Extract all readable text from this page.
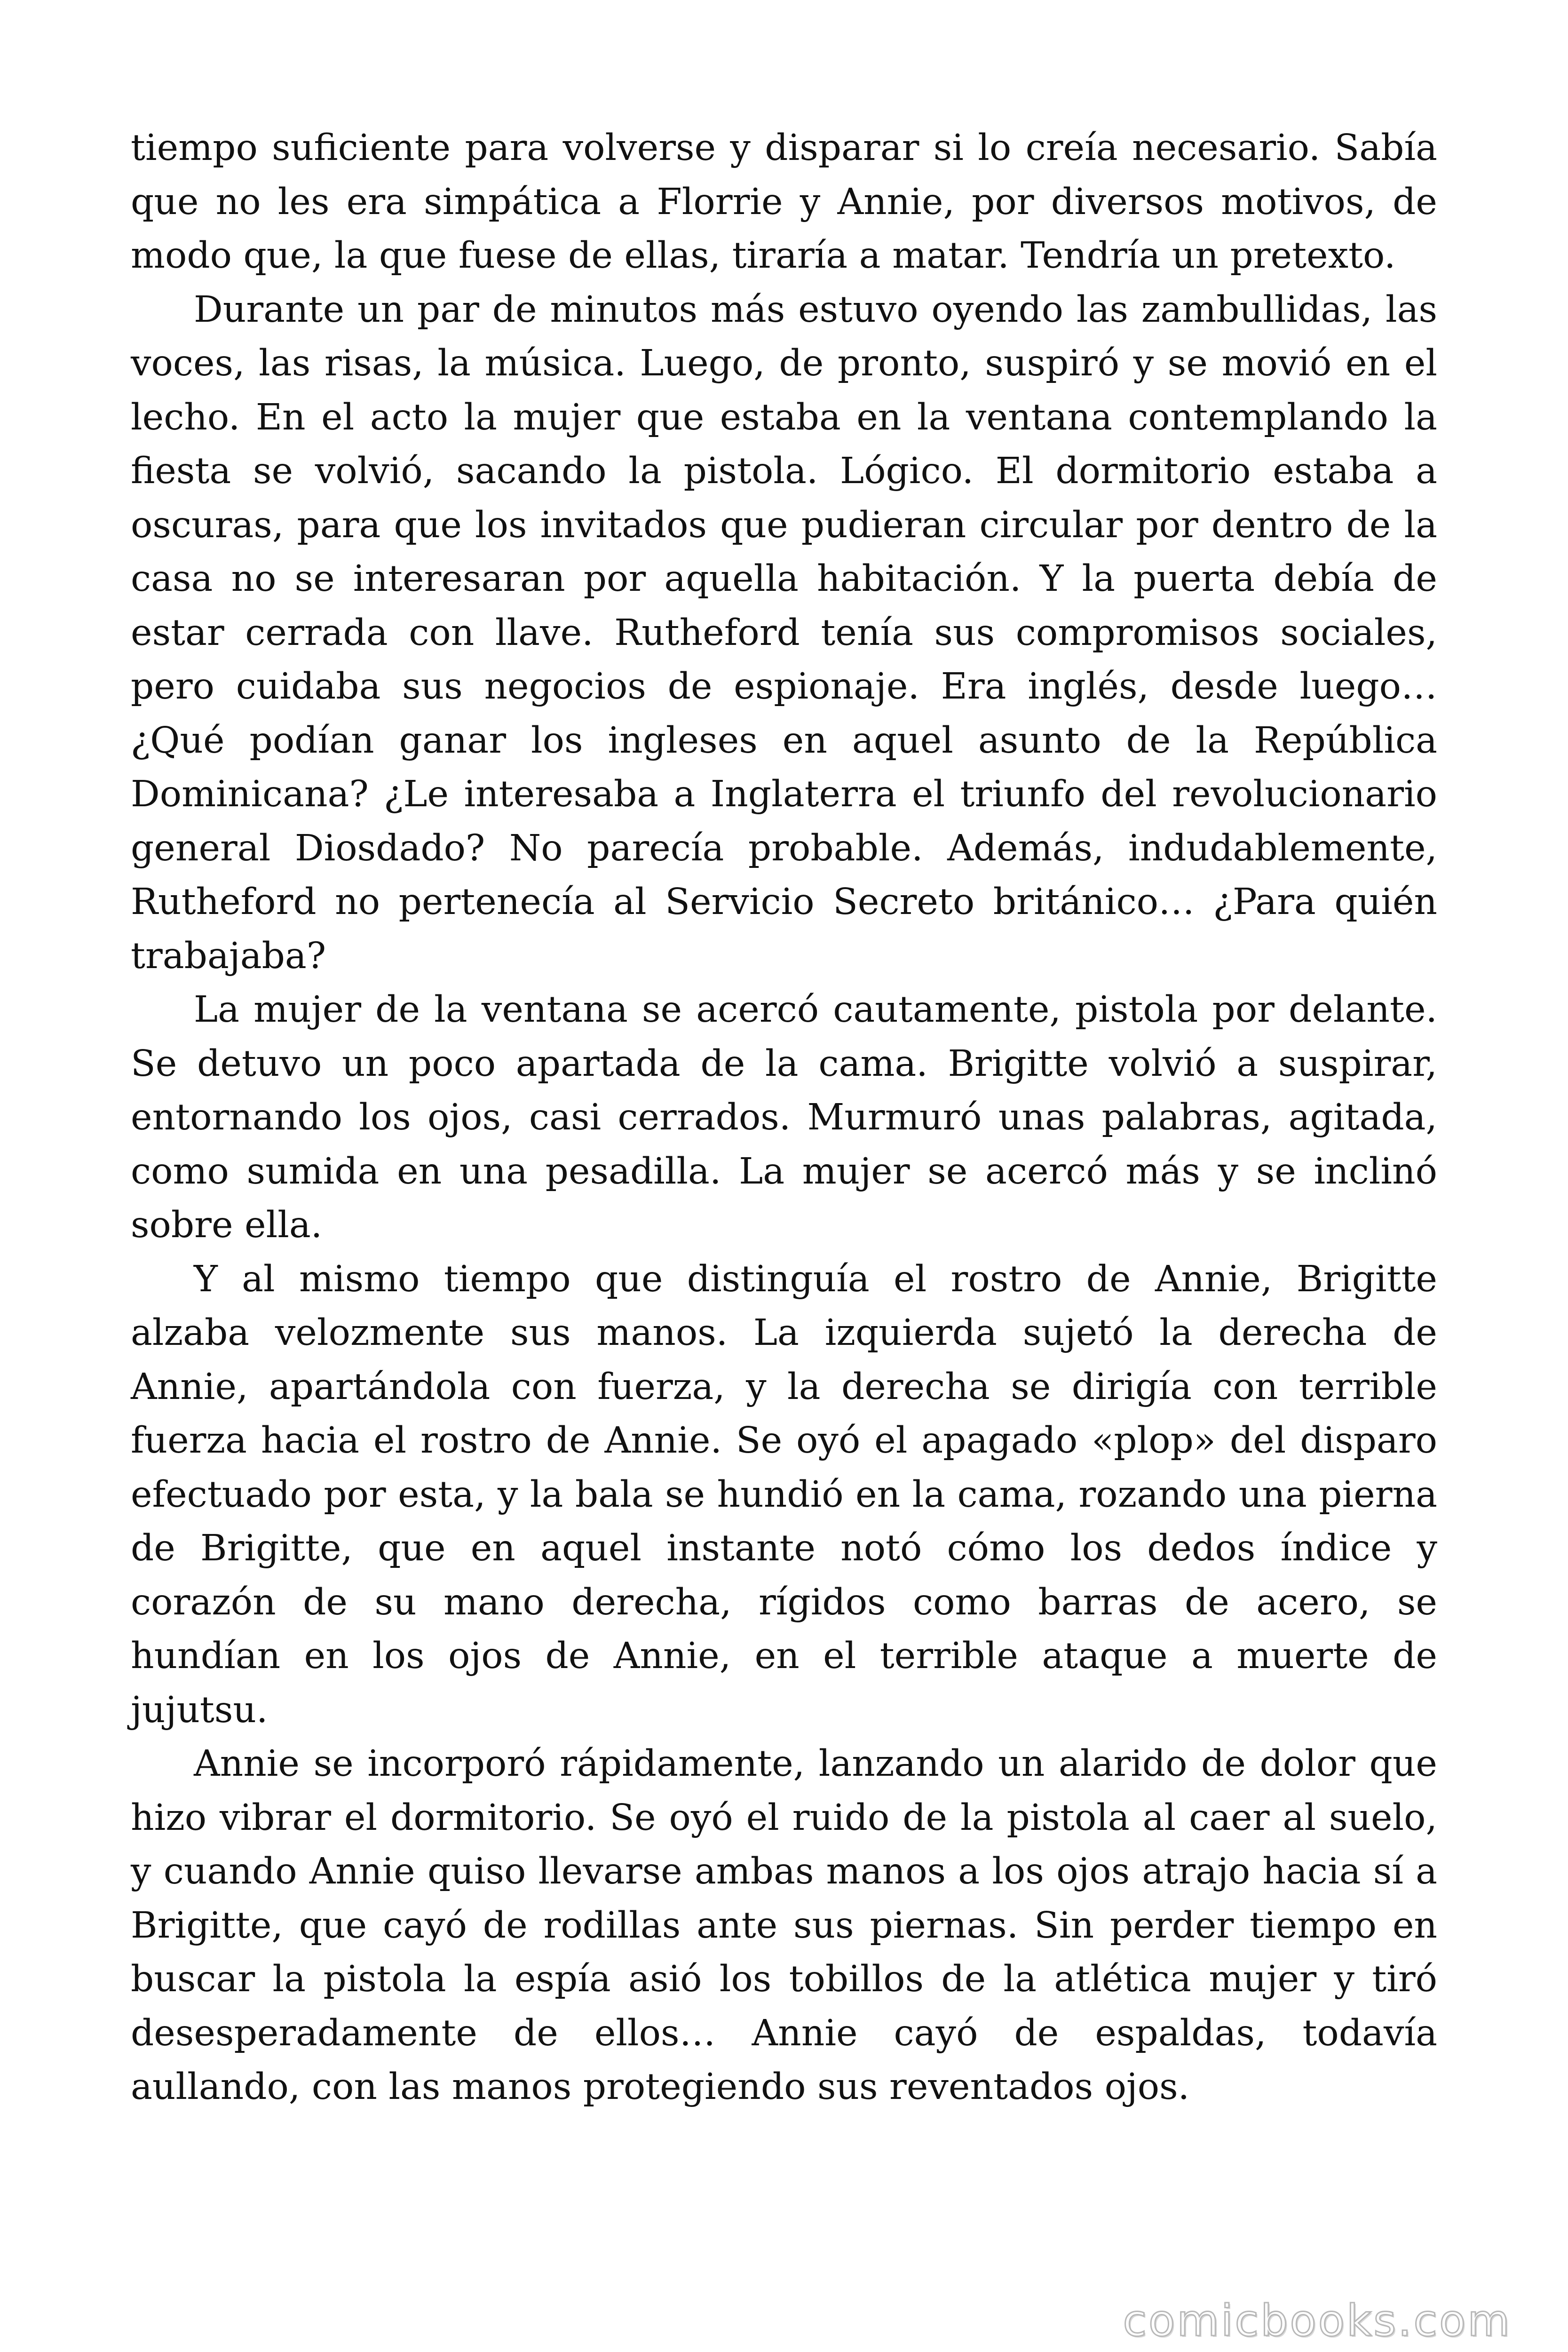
tiempo suficiente para volverse y disparar si lo creía necesario. Sabía que no les era simpática a Florrie y Annie, por diversos motivos, de modo que, la que fuese de ellas, tiraría a matar. Tendría un pretexto.

Durante un par de minutos más estuvo oyendo las zambullidas, las voces, las risas, la música. Luego, de pronto, suspiró y se movió en el lecho. En el acto la mujer que estaba en la ventana contemplando la fiesta se volvió, sacando la pistola. Lógico. El dormitorio estaba a oscuras, para que los invitados que pudieran circular por dentro de la casa no se interesaran por aquella habitación. Y la puerta debía de estar cerrada con llave. Rutheford tenía sus compromisos sociales, pero cuidaba sus negocios de espionaje. Era inglés, desde luego… ¿Qué podían ganar los ingleses en aquel asunto de la República Dominicana? ¿Le interesaba a Inglaterra el triunfo del revolucionario general Diosdado? No parecía probable. Además, indudablemente, Rutheford no pertenecía al Servicio Secreto británico… ¿Para quién trabajaba?

La mujer de la ventana se acercó cautamente, pistola por delante. Se detuvo un poco apartada de la cama. Brigitte volvió a suspirar, entornando los ojos, casi cerrados. Murmuró unas palabras, agitada, como sumida en una pesadilla. La mujer se acercó más y se inclinó sobre ella.

Y al mismo tiempo que distinguía el rostro de Annie, Brigitte alzaba velozmente sus manos. La izquierda sujetó la derecha de Annie, apartándola con fuerza, y la derecha se dirigía con terrible fuerza hacia el rostro de Annie. Se oyó el apagado «plop» del disparo efectuado por esta, y la bala se hundió en la cama, rozando una pierna de Brigitte, que en aquel instante notó cómo los dedos índice y corazón de su mano derecha, rígidos como barras de acero, se hundían en los ojos de Annie, en el terrible ataque a muerte de jujutsu.

Annie se incorporó rápidamente, lanzando un alarido de dolor que hizo vibrar el dormitorio. Se oyó el ruido de la pistola al caer al suelo, y cuando Annie quiso llevarse ambas manos a los ojos atrajo hacia sí a Brigitte, que cayó de rodillas ante sus piernas. Sin perder tiempo en buscar la pistola la espía asió los tobillos de la atlética mujer y tiró desesperadamente de ellos… Annie cayó de espaldas, todavía aullando, con las manos protegiendo sus reventados ojos.

comicbooks.com
